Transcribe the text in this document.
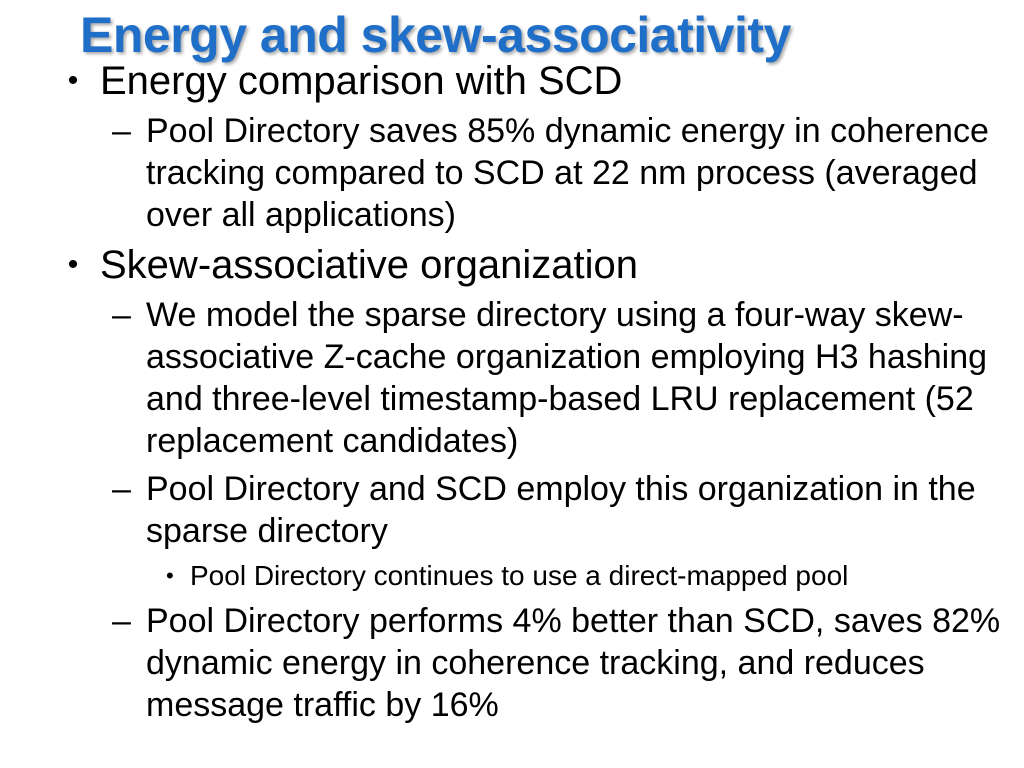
Energy and skew-associativity
• Energy comparison with SCD
– Pool Directory saves 85% dynamic energy in coherence tracking compared to SCD at 22 nm process (averaged over all applications)
• Skew-associative organization
– We model the sparse directory using a four-way skew-associative Z-cache organization employing H3 hashing and three-level timestamp-based LRU replacement (52 replacement candidates)
– Pool Directory and SCD employ this organization in the sparse directory
• Pool Directory continues to use a direct-mapped pool
– Pool Directory performs 4% better than SCD, saves 82% dynamic energy in coherence tracking, and reduces message traffic by 16%
